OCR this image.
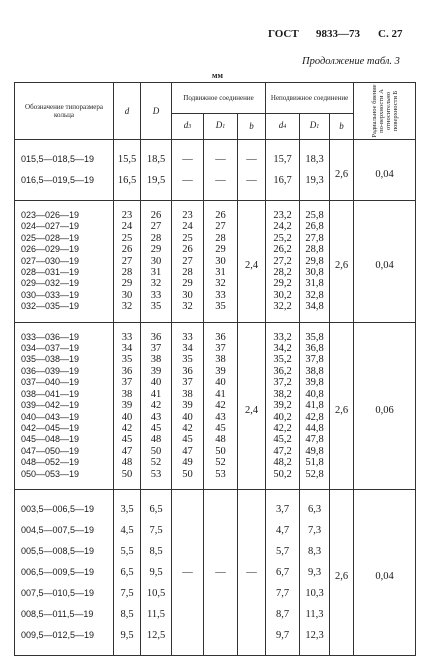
ГОСТ 9833—73 С. 27
Продолжение табл. 3
мм
Обозначение типоразмера кольца	d	D	Подвижное соединение			Неподвижное соединение			Радиальное биение по-верхности A относительно поверхности Б
			d3	D1	b	d4	D1	b	
015,5—018,5—19	15,5	18,5	—	—	—	15,7	18,3	2,6	0,04
016,5—019,5—19	16,5	19,5	—	—	—	16,7	19,3		
023—026—19	23	26	23	26	2,4	23,2	25,8	2,6	0,04
024—027—19	24	27	24	27		24,2	26,8		
025—028—19	25	28	25	28		25,2	27,8		
026—029—19	26	29	26	29		26,2	28,8		
027—030—19	27	30	27	30		27,2	29,8		
028—031—19	28	31	28	31		28,2	30,8		
029—032—19	29	32	29	32		29,2	31,8		
030—033—19	30	33	30	33		30,2	32,8		
032—035—19	32	35	32	35		32,2	34,8		
033—036—19	33	36	33	36	2,4	33,2	35,8	2,6	0,06
034—037—19	34	37	34	37		34,2	36,8		
035—038—19	35	38	35	38		35,2	37,8		
036—039—19	36	39	36	39		36,2	38,8		
037—040—19	37	40	37	40		37,2	39,8		
038—041—19	38	41	38	41		38,2	40,8		
039—042—19	39	42	39	42		39,2	41,8		
040—043—19	40	43	40	43		40,2	42,8		
042—045—19	42	45	42	45		42,2	44,8		
045—048—19	45	48	45	48		45,2	47,8		
047—050—19	47	50	47	50		47,2	49,8		
048—052—19	48	52	49	52		48,2	51,8		
050—053—19	50	53	50	53		50,2	52,8		
003,5—006,5—19	3,5	6,5				3,7	6,3	2,6	0,04
004,5—007,5—19	4,5	7,5				4,7	7,3		
005,5—008,5—19	5,5	8,5				5,7	8,3		
006,5—009,5—19	6,5	9,5	—	—	—	6,7	9,3		
007,5—010,5—19	7,5	10,5				7,7	10,3		
008,5—011,5—19	8,5	11,5				8,7	11,3		
009,5—012,5—19	9,5	12,5				9,7	12,3		
